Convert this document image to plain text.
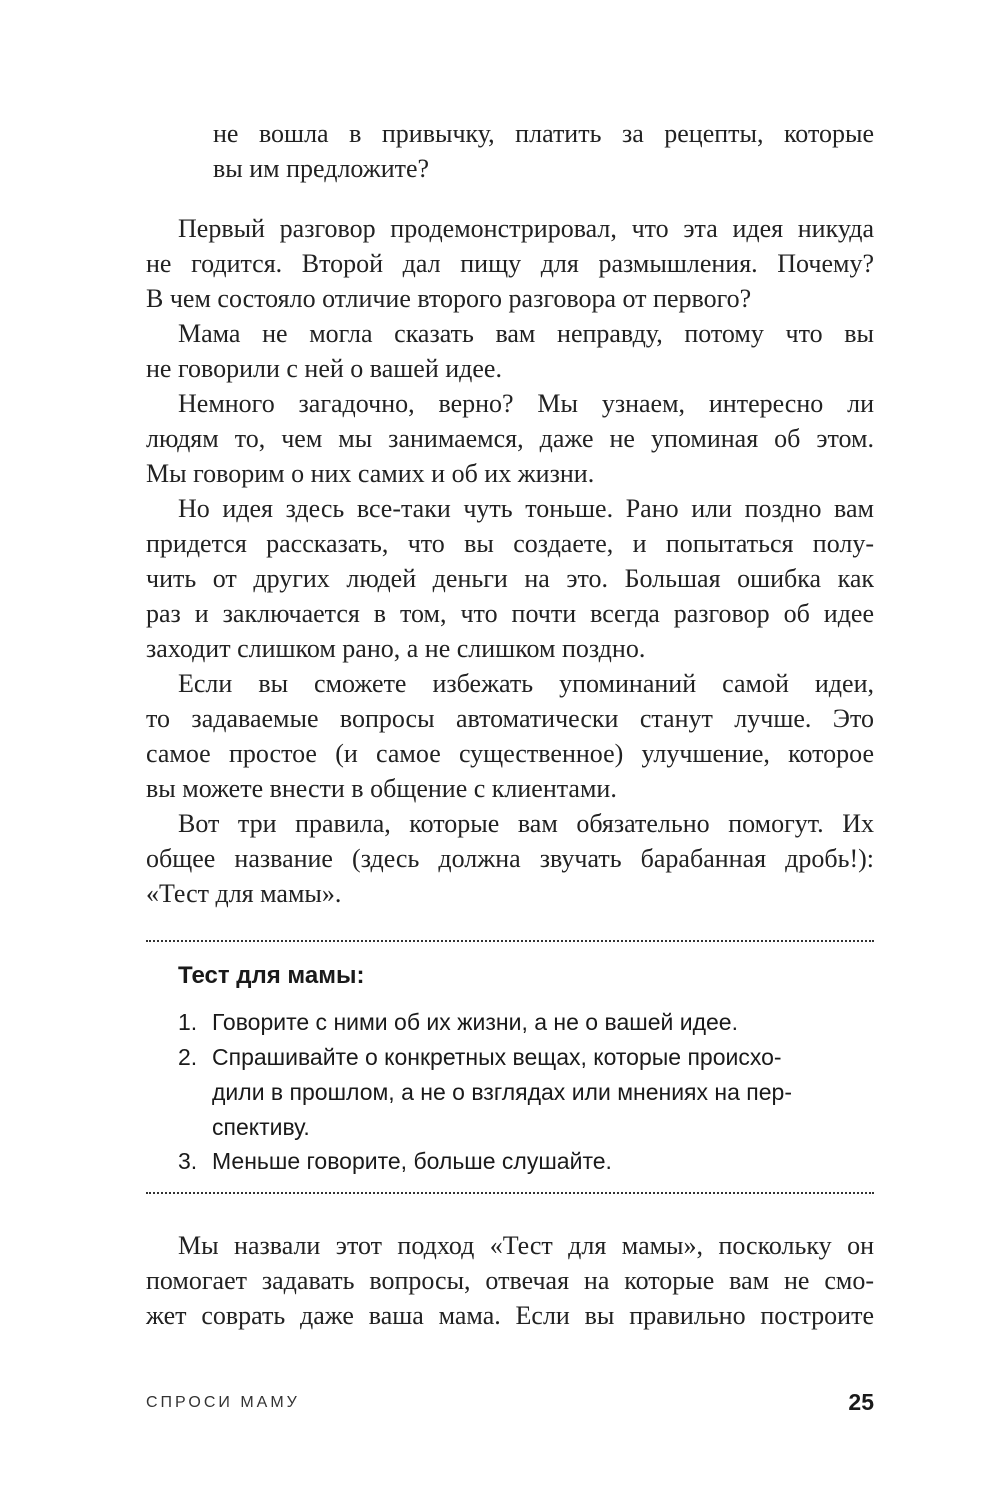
не вошла в привычку, платить за рецепты, которые
вы им предложите?
Первый разговор продемонстрировал, что эта идея никуда
не годится. Второй дал пищу для размышления. Почему?
В чем состояло отличие второго разговора от первого?
Мама не могла сказать вам неправду, потому что вы
не говорили с ней о вашей идее.
Немного загадочно, верно? Мы узнаем, интересно ли
людям то, чем мы занимаемся, даже не упоминая об этом.
Мы говорим о них самих и об их жизни.
Но идея здесь все-таки чуть тоньше. Рано или поздно вам
придется рассказать, что вы создаете, и попытаться полу-
чить от других людей деньги на это. Большая ошибка как
раз и заключается в том, что почти всегда разговор об идее
заходит слишком рано, а не слишком поздно.
Если вы сможете избежать упоминаний самой идеи,
то задаваемые вопросы автоматически станут лучше. Это
самое простое (и самое существенное) улучшение, которое
вы можете внести в общение с клиентами.
Вот три правила, которые вам обязательно помогут. Их
общее название (здесь должна звучать барабанная дробь!):
«Тест для мамы».
Тест для мамы:
1. Говорите с ними об их жизни, а не о вашей идее.
2. Спрашивайте о конкретных вещах, которые происхо-
дили в прошлом, а не о взглядах или мнениях на пер-
спективу.
3. Меньше говорите, больше слушайте.
Мы назвали этот подход «Тест для мамы», поскольку он
помогает задавать вопросы, отвечая на которые вам не смо-
жет соврать даже ваша мама. Если вы правильно построите
СПРОСИ МАМУ	25
